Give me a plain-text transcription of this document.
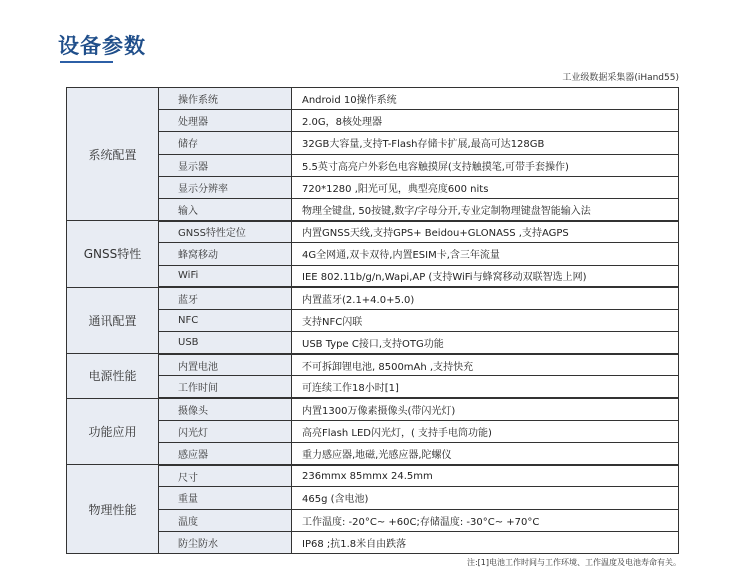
设备参数
工业级数据采集器(iHand55)
系统配置	操作系统	Android 10操作系统
	处理器	2.0G，8核处理器
	储存	32GB大容量,支持T-Flash存储卡扩展,最高可达128GB
	显示器	5.5英寸高亮户外彩色电容触摸屏(支持触摸笔,可带手套操作)
	显示分辨率	720*1280 ,阳光可见，典型亮度600 nits
	输入	物理全键盘, 50按键,数字/字母分开,专业定制物理键盘智能输入法
GNSS特性	GNSS特性定位	内置GNSS天线,支持GPS+ Beidou+GLONASS ,支持AGPS
	蜂窝移动	4G全网通,双卡双待,内置ESIM卡,含三年流量
	WiFi	IEE 802.11b/g/n,Wapi,AP (支持WiFi与蜂窝移动双联智选上网)
通讯配置	蓝牙	内置蓝牙(2.1+4.0+5.0)
	NFC	支持NFC闪联
	USB	USB Type C接口,支持OTG功能
电源性能	内置电池	不可拆卸锂电池, 8500mAh ,支持快充
	工作时间	可连续工作18小时[1]
功能应用	摄像头	内置1300万像素摄像头(带闪光灯)
	闪光灯	高亮Flash LED闪光灯，( 支持手电筒功能)
	感应器	重力感应器,地磁,光感应器,陀螺仪
物理性能	尺寸	236mmx 85mmx 24.5mm
	重量	465g (含电池)
	温度	工作温度: -20°C~ +60C;存储温度: -30°C~ +70°C
	防尘防水	IP68 ;抗1.8米自由跌落
注:[1]电池工作时间与工作环境、工作温度及电池寿命有关。
